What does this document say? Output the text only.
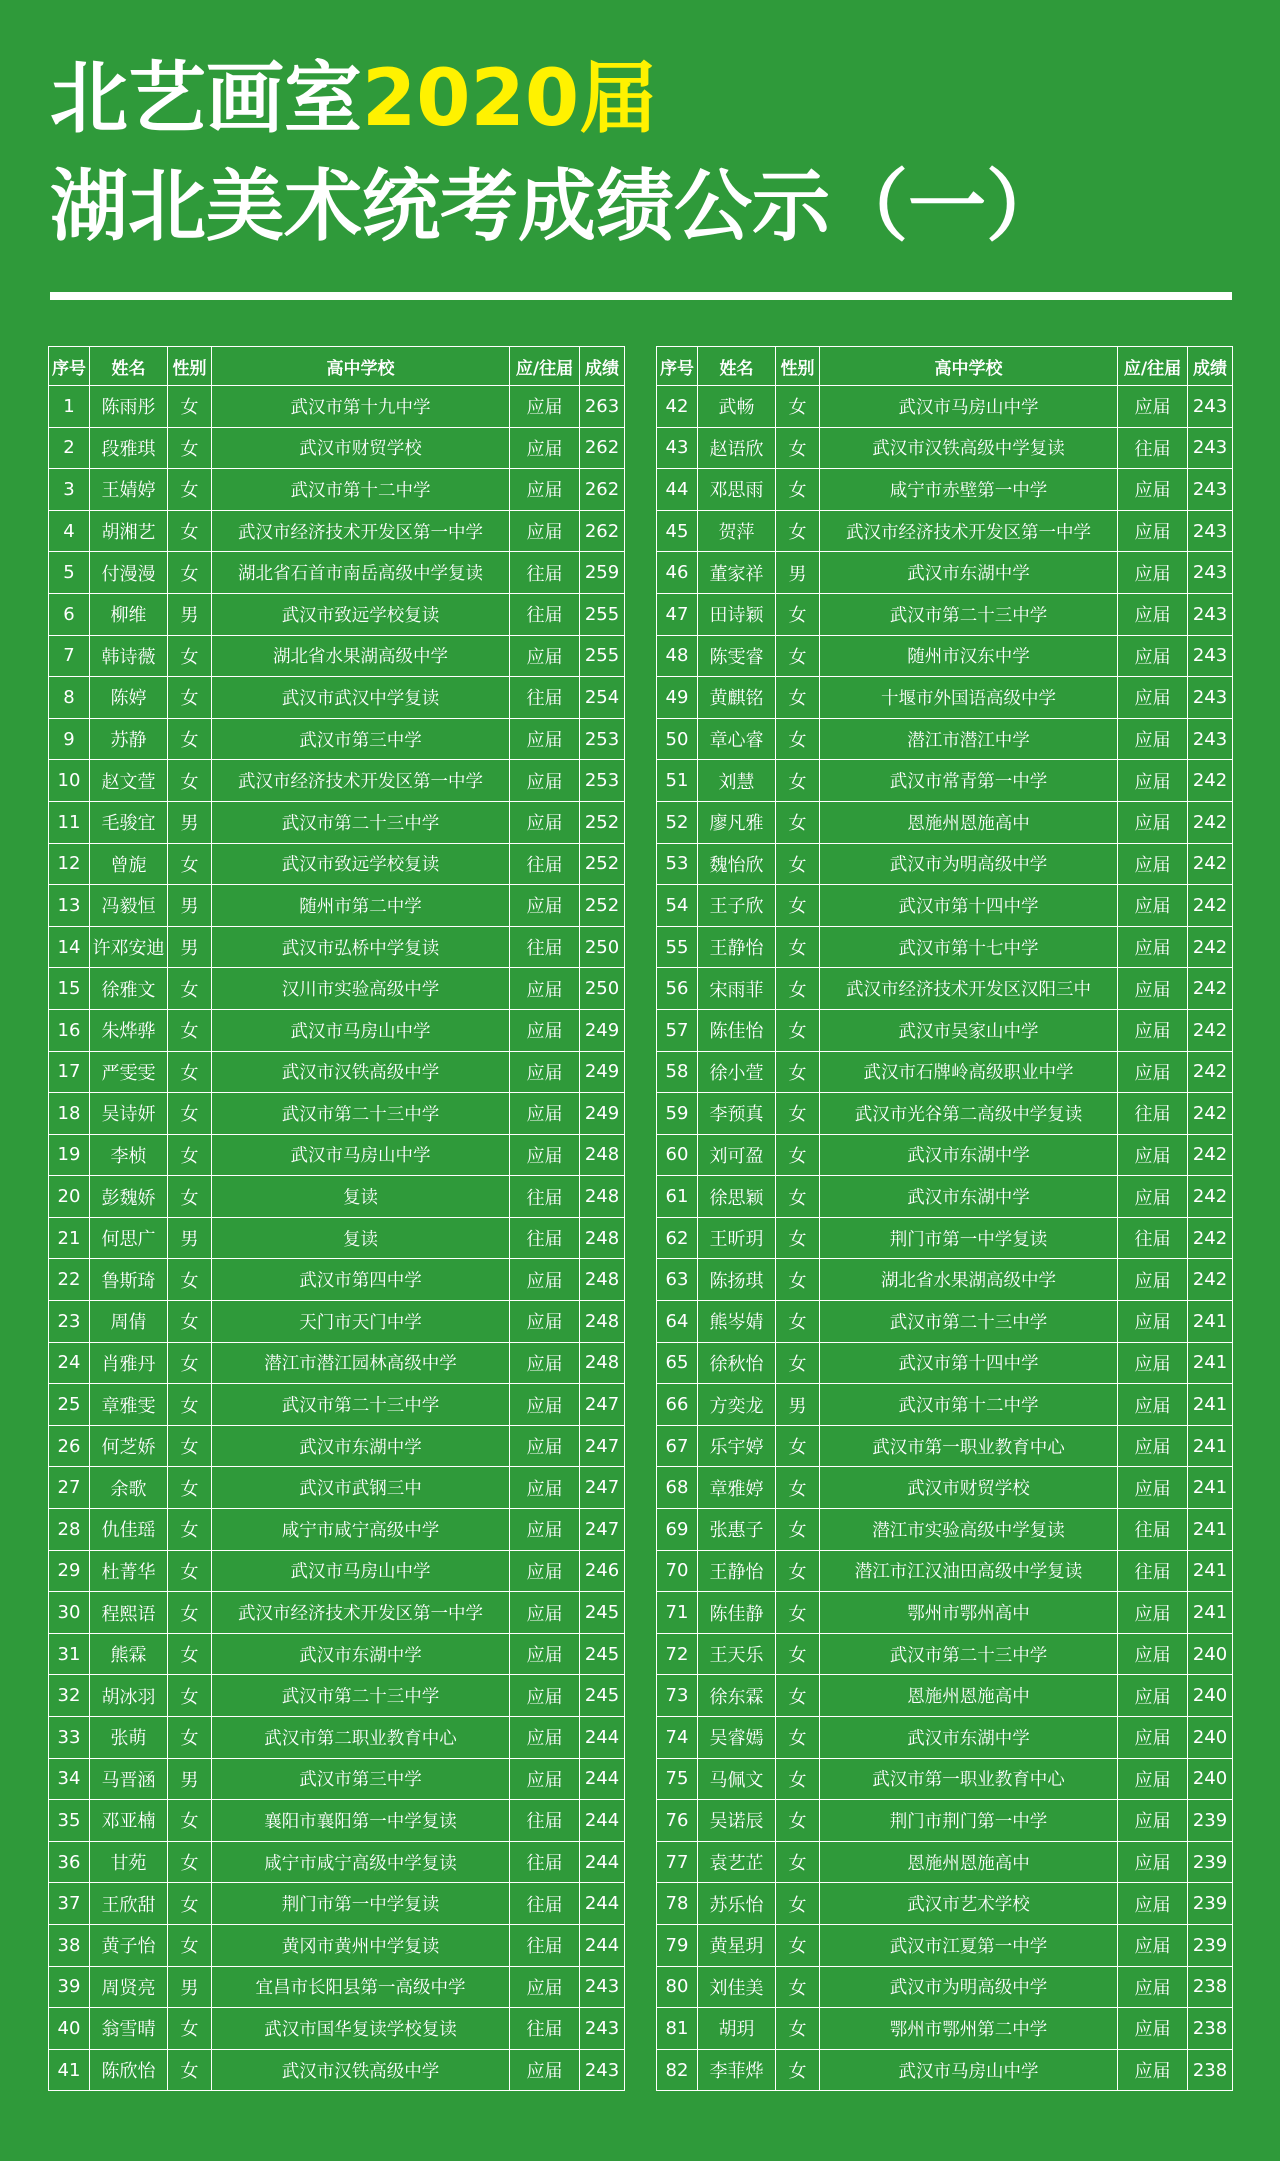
北艺画室2020届
湖北美术统考成绩公示（一）
序号	姓名	性别	高中学校	应/往届	成绩
1	陈雨彤	女	武汉市第十九中学	应届	263
2	段雅琪	女	武汉市财贸学校	应届	262
3	王婧婷	女	武汉市第十二中学	应届	262
4	胡湘艺	女	武汉市经济技术开发区第一中学	应届	262
5	付漫漫	女	湖北省石首市南岳高级中学复读	往届	259
6	柳维	男	武汉市致远学校复读	往届	255
7	韩诗薇	女	湖北省水果湖高级中学	应届	255
8	陈婷	女	武汉市武汉中学复读	往届	254
9	苏静	女	武汉市第三中学	应届	253
10	赵文萱	女	武汉市经济技术开发区第一中学	应届	253
11	毛骏宜	男	武汉市第二十三中学	应届	252
12	曾旎	女	武汉市致远学校复读	往届	252
13	冯毅恒	男	随州市第二中学	应届	252
14	许邓安迪	男	武汉市弘桥中学复读	往届	250
15	徐雅文	女	汉川市实验高级中学	应届	250
16	朱烨骅	女	武汉市马房山中学	应届	249
17	严雯雯	女	武汉市汉铁高级中学	应届	249
18	吴诗妍	女	武汉市第二十三中学	应届	249
19	李桢	女	武汉市马房山中学	应届	248
20	彭魏娇	女	复读	往届	248
21	何思广	男	复读	往届	248
22	鲁斯琦	女	武汉市第四中学	应届	248
23	周倩	女	天门市天门中学	应届	248
24	肖雅丹	女	潜江市潜江园林高级中学	应届	248
25	章雅雯	女	武汉市第二十三中学	应届	247
26	何芝娇	女	武汉市东湖中学	应届	247
27	余歌	女	武汉市武钢三中	应届	247
28	仇佳瑶	女	咸宁市咸宁高级中学	应届	247
29	杜菁华	女	武汉市马房山中学	应届	246
30	程熙语	女	武汉市经济技术开发区第一中学	应届	245
31	熊霖	女	武汉市东湖中学	应届	245
32	胡冰羽	女	武汉市第二十三中学	应届	245
33	张萌	女	武汉市第二职业教育中心	应届	244
34	马晋涵	男	武汉市第三中学	应届	244
35	邓亚楠	女	襄阳市襄阳第一中学复读	往届	244
36	甘苑	女	咸宁市咸宁高级中学复读	往届	244
37	王欣甜	女	荆门市第一中学复读	往届	244
38	黄子怡	女	黄冈市黄州中学复读	往届	244
39	周贤亮	男	宜昌市长阳县第一高级中学	应届	243
40	翁雪晴	女	武汉市国华复读学校复读	往届	243
41	陈欣怡	女	武汉市汉铁高级中学	应届	243
序号	姓名	性别	高中学校	应/往届	成绩
42	武畅	女	武汉市马房山中学	应届	243
43	赵语欣	女	武汉市汉铁高级中学复读	往届	243
44	邓思雨	女	咸宁市赤壁第一中学	应届	243
45	贺萍	女	武汉市经济技术开发区第一中学	应届	243
46	董家祥	男	武汉市东湖中学	应届	243
47	田诗颖	女	武汉市第二十三中学	应届	243
48	陈雯睿	女	随州市汉东中学	应届	243
49	黄麒铭	女	十堰市外国语高级中学	应届	243
50	章心睿	女	潜江市潜江中学	应届	243
51	刘慧	女	武汉市常青第一中学	应届	242
52	廖凡雅	女	恩施州恩施高中	应届	242
53	魏怡欣	女	武汉市为明高级中学	应届	242
54	王子欣	女	武汉市第十四中学	应届	242
55	王静怡	女	武汉市第十七中学	应届	242
56	宋雨菲	女	武汉市经济技术开发区汉阳三中	应届	242
57	陈佳怡	女	武汉市吴家山中学	应届	242
58	徐小萱	女	武汉市石牌岭高级职业中学	应届	242
59	李预真	女	武汉市光谷第二高级中学复读	往届	242
60	刘可盈	女	武汉市东湖中学	应届	242
61	徐思颖	女	武汉市东湖中学	应届	242
62	王昕玥	女	荆门市第一中学复读	往届	242
63	陈扬琪	女	湖北省水果湖高级中学	应届	242
64	熊岑婧	女	武汉市第二十三中学	应届	241
65	徐秋怡	女	武汉市第十四中学	应届	241
66	方奕龙	男	武汉市第十二中学	应届	241
67	乐宇婷	女	武汉市第一职业教育中心	应届	241
68	章雅婷	女	武汉市财贸学校	应届	241
69	张惠子	女	潜江市实验高级中学复读	往届	241
70	王静怡	女	潜江市江汉油田高级中学复读	往届	241
71	陈佳静	女	鄂州市鄂州高中	应届	241
72	王天乐	女	武汉市第二十三中学	应届	240
73	徐东霖	女	恩施州恩施高中	应届	240
74	吴睿嫣	女	武汉市东湖中学	应届	240
75	马佩文	女	武汉市第一职业教育中心	应届	240
76	吴诺辰	女	荆门市荆门第一中学	应届	239
77	袁艺芷	女	恩施州恩施高中	应届	239
78	苏乐怡	女	武汉市艺术学校	应届	239
79	黄星玥	女	武汉市江夏第一中学	应届	239
80	刘佳美	女	武汉市为明高级中学	应届	238
81	胡玥	女	鄂州市鄂州第二中学	应届	238
82	李菲烨	女	武汉市马房山中学	应届	238
